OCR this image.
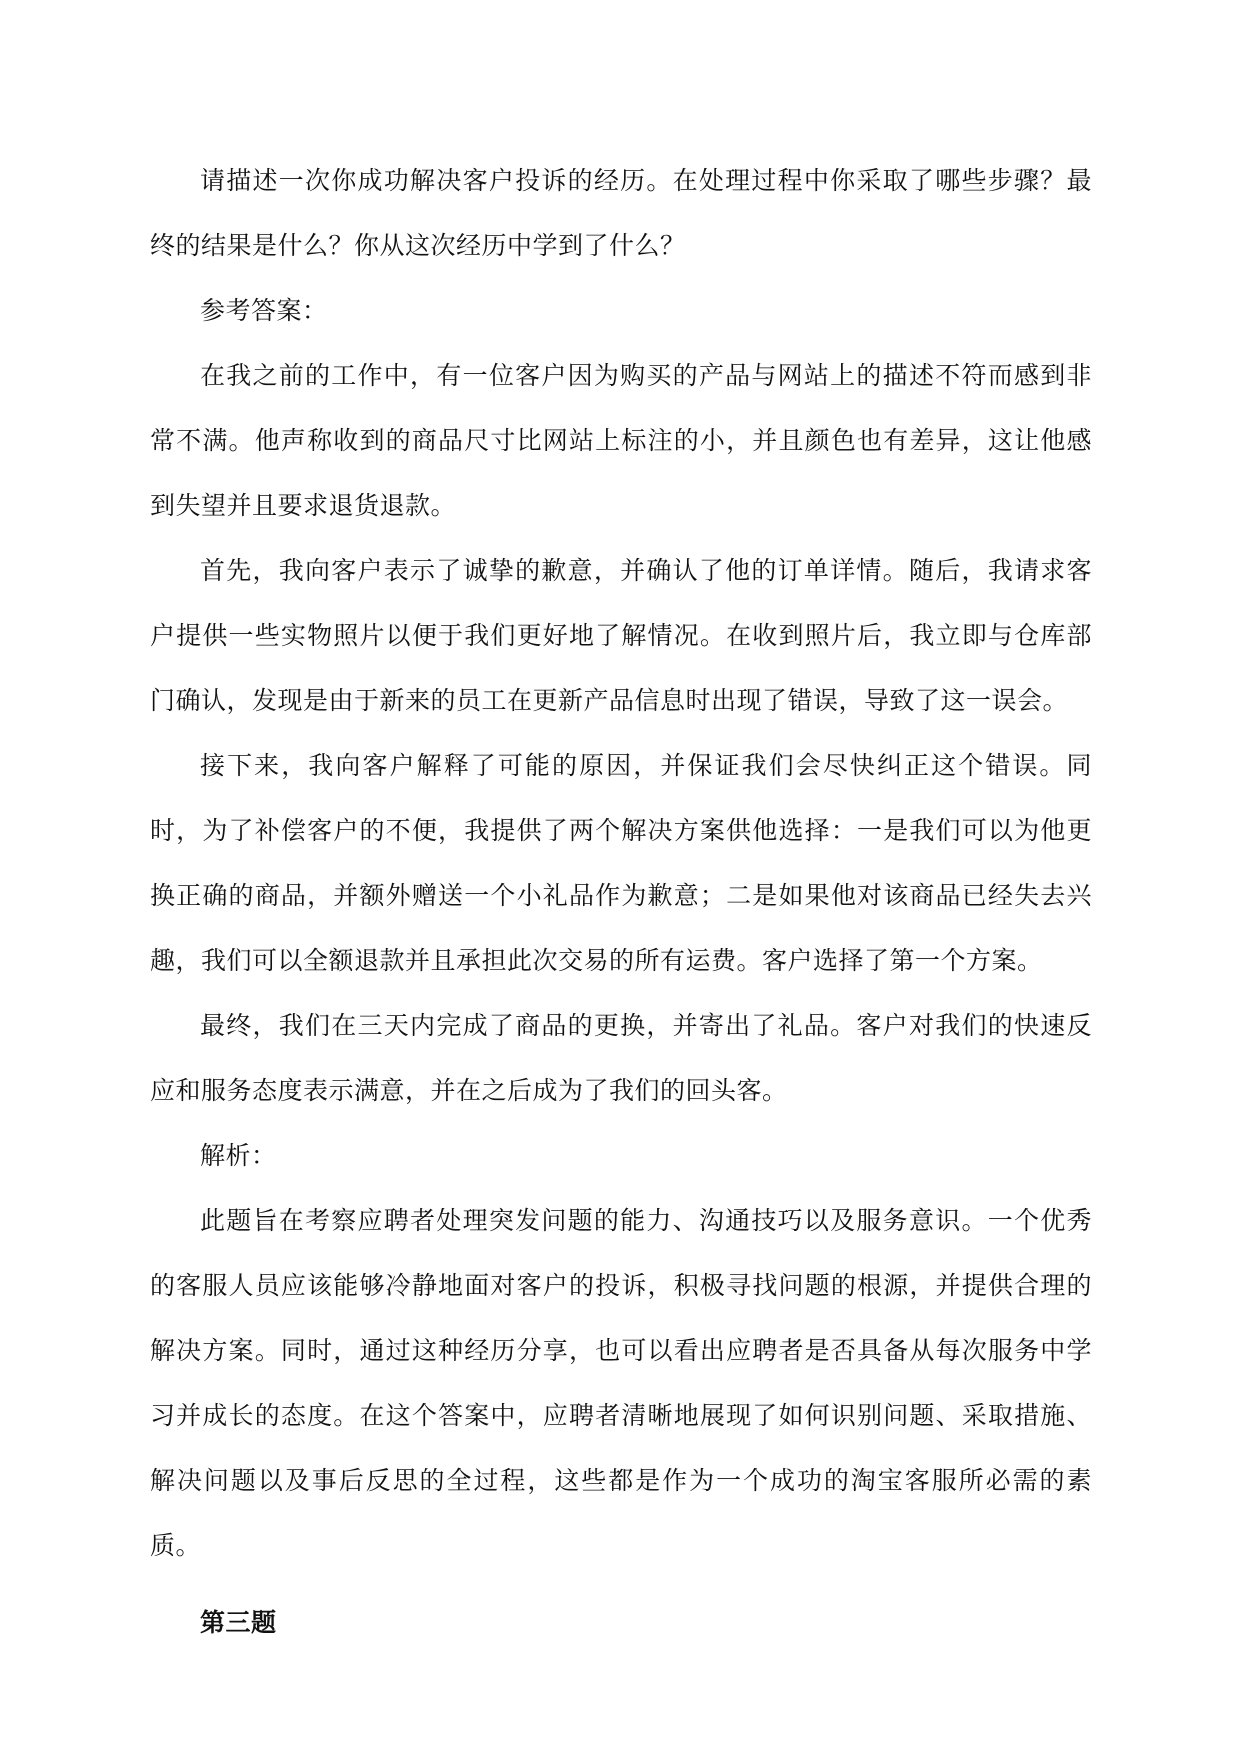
请描述一次你成功解决客户投诉的经历。在处理过程中你采取了哪些步骤？最终的结果是什么？你从这次经历中学到了什么？

参考答案：

在我之前的工作中，有一位客户因为购买的产品与网站上的描述不符而感到非常不满。他声称收到的商品尺寸比网站上标注的小，并且颜色也有差异，这让他感到失望并且要求退货退款。

首先，我向客户表示了诚挚的歉意，并确认了他的订单详情。随后，我请求客户提供一些实物照片以便于我们更好地了解情况。在收到照片后，我立即与仓库部门确认，发现是由于新来的员工在更新产品信息时出现了错误，导致了这一误会。

接下来，我向客户解释了可能的原因，并保证我们会尽快纠正这个错误。同时，为了补偿客户的不便，我提供了两个解决方案供他选择：一是我们可以为他更换正确的商品，并额外赠送一个小礼品作为歉意；二是如果他对该商品已经失去兴趣，我们可以全额退款并且承担此次交易的所有运费。客户选择了第一个方案。

最终，我们在三天内完成了商品的更换，并寄出了礼品。客户对我们的快速反应和服务态度表示满意，并在之后成为了我们的回头客。

解析：

此题旨在考察应聘者处理突发问题的能力、沟通技巧以及服务意识。一个优秀的客服人员应该能够冷静地面对客户的投诉，积极寻找问题的根源，并提供合理的解决方案。同时，通过这种经历分享，也可以看出应聘者是否具备从每次服务中学习并成长的态度。在这个答案中，应聘者清晰地展现了如何识别问题、采取措施、解决问题以及事后反思的全过程，这些都是作为一个成功的淘宝客服所必需的素质。

第三题
